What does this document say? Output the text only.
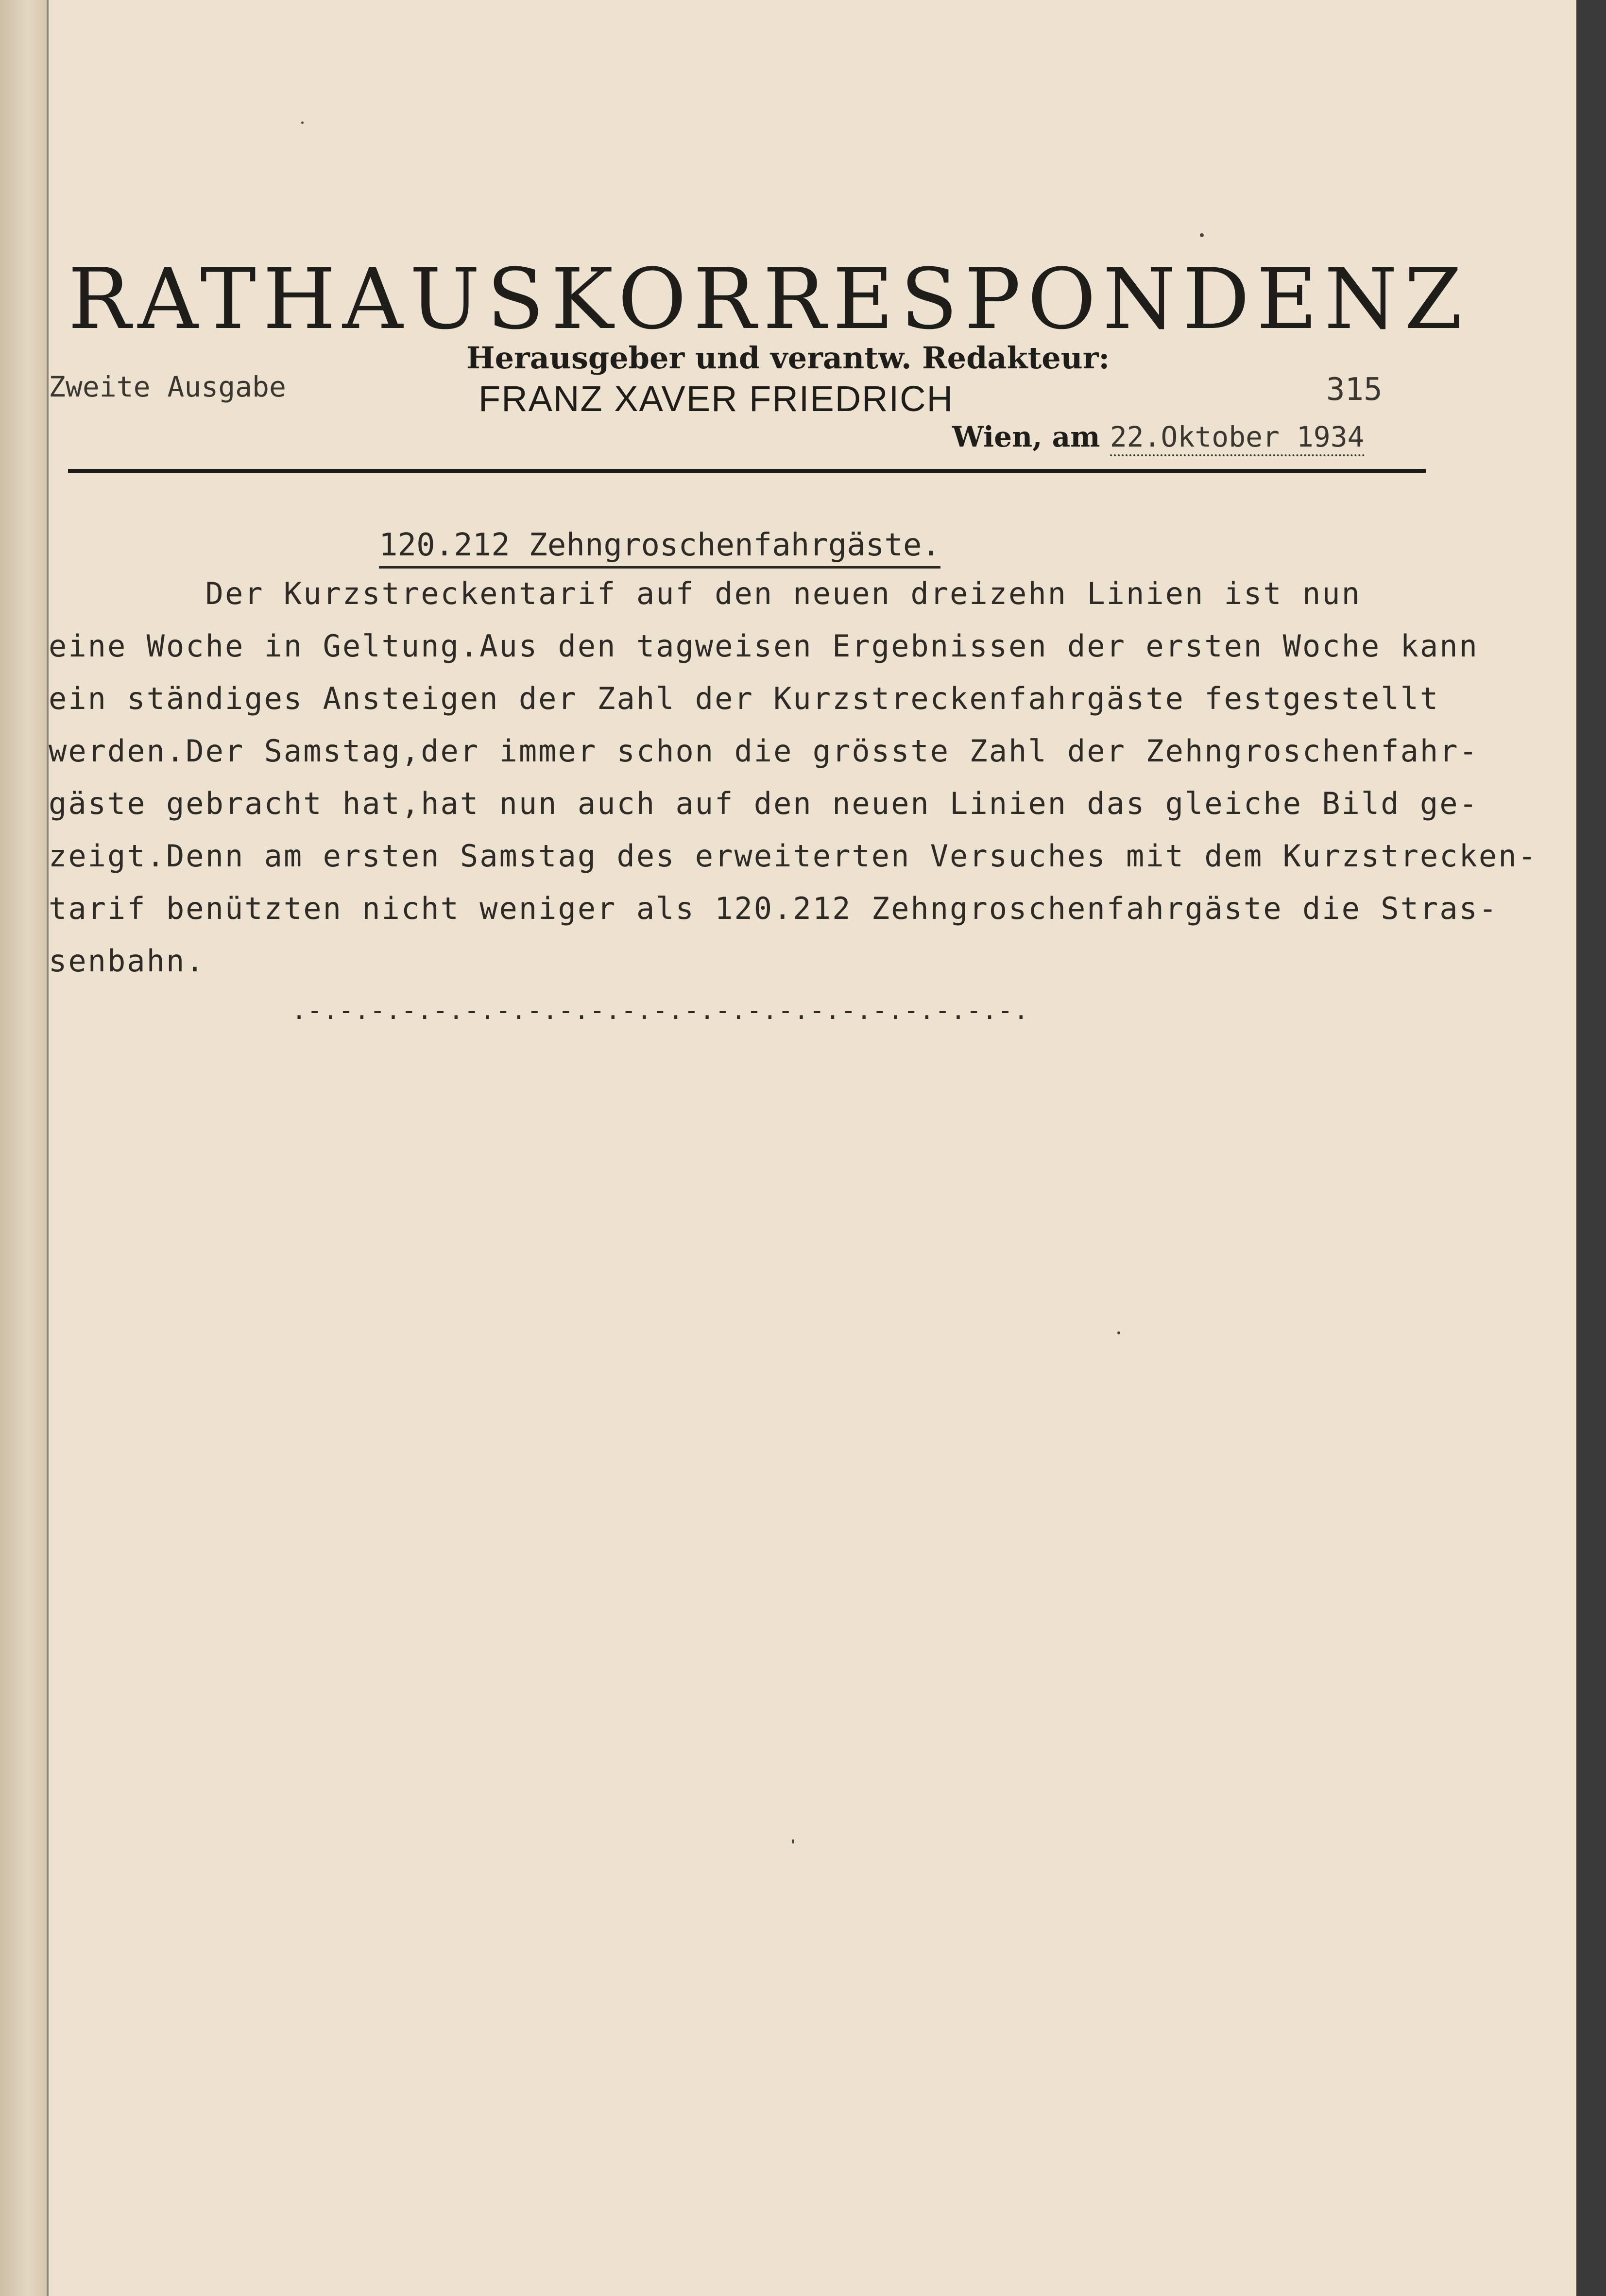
RATHAUSKORRESPONDENZ
Zweite Ausgabe
Herausgeber und verantw. Redakteur:
FRANZ XAVER FRIEDRICH	315
Wien, am 22.Oktober 1934
120.212 Zehngroschenfahrgäste.
Der Kurzstreckentarif auf den neuen dreizehn Linien ist nun
eine Woche in Geltung.Aus den tagweisen Ergebnissen der ersten Woche kann
ein ständiges Ansteigen der Zahl der Kurzstreckenfahrgäste festgestellt
werden.Der Samstag,der immer schon die grösste Zahl der Zehngroschenfahr-
gäste gebracht hat,hat nun auch auf den neuen Linien das gleiche Bild ge-
zeigt.Denn am ersten Samstag des erweiterten Versuches mit dem Kurzstrecken-
tarif benützten nicht weniger als 120.212 Zehngroschenfahrgäste die Stras-
senbahn.
.-.-.-.-.-.-.-.-.-.-.-.-.-.-.-.-.-.-.-.-.-.-.-.
